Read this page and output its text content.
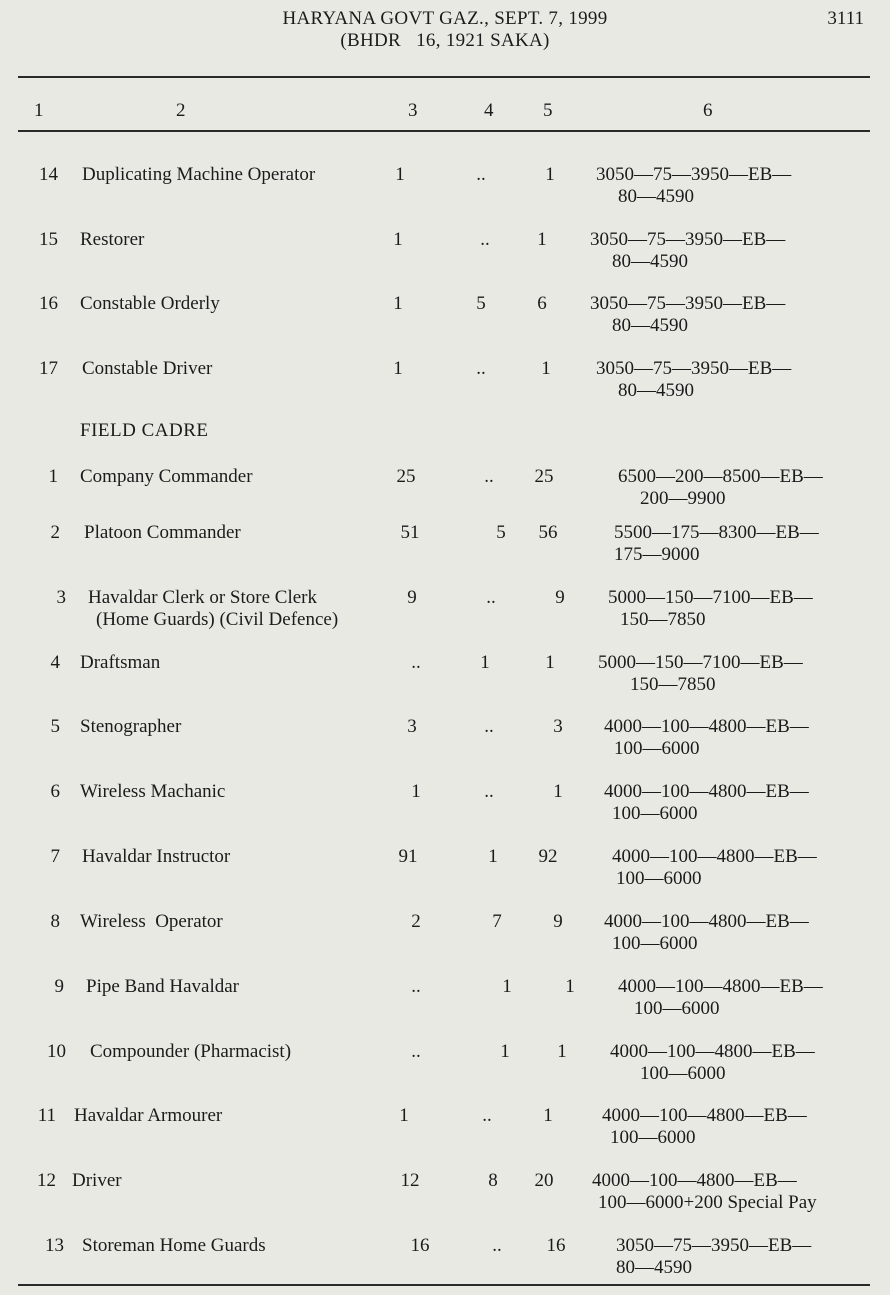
HARYANA GOVT GAZ., SEPT. 7, 1999
(BHDR   16, 1921 SAKA)
3111
1	2	3	4	5	6
14 Duplicating Machine Operator	1	..	1	3050—75—3950—EB—
80—4590
15 Restorer	1	..	1	3050—75—3950—EB—
80—4590
16 Constable Orderly	1	5	6	3050—75—3950—EB—
80—4590
17 Constable Driver	1	..	1	3050—75—3950—EB—
80—4590
FIELD CADRE
1 Company Commander	25	..	25	6500—200—8500—EB—
200—9900
2 Platoon Commander	51	5	56	5500—175—8300—EB—
175—9000
3 Havaldar Clerk or Store Clerk
(Home Guards) (Civil Defence)
9	..	9	5000—150—7100—EB—
150—7850
4 Draftsman	..	1	1	5000—150—7100—EB—
150—7850
5 Stenographer	3	..	3	4000—100—4800—EB—
100—6000
6 Wireless Machanic	1	..	1	4000—100—4800—EB—
100—6000
7 Havaldar Instructor	91	1	92	4000—100—4800—EB—
100—6000
8 Wireless  Operator	2	7	9	4000—100—4800—EB—
100—6000
9 Pipe Band Havaldar	..	1	1	4000—100—4800—EB—
100—6000
10 Compounder (Pharmacist)	..	1	1	4000—100—4800—EB—
100—6000
11 Havaldar Armourer	1	..	1	4000—100—4800—EB—
100—6000
12 Driver	12	8	20	4000—100—4800—EB—
100—6000+200 Special Pay
13 Storeman Home Guards	16	..	16	3050—75—3950—EB—
80—4590
